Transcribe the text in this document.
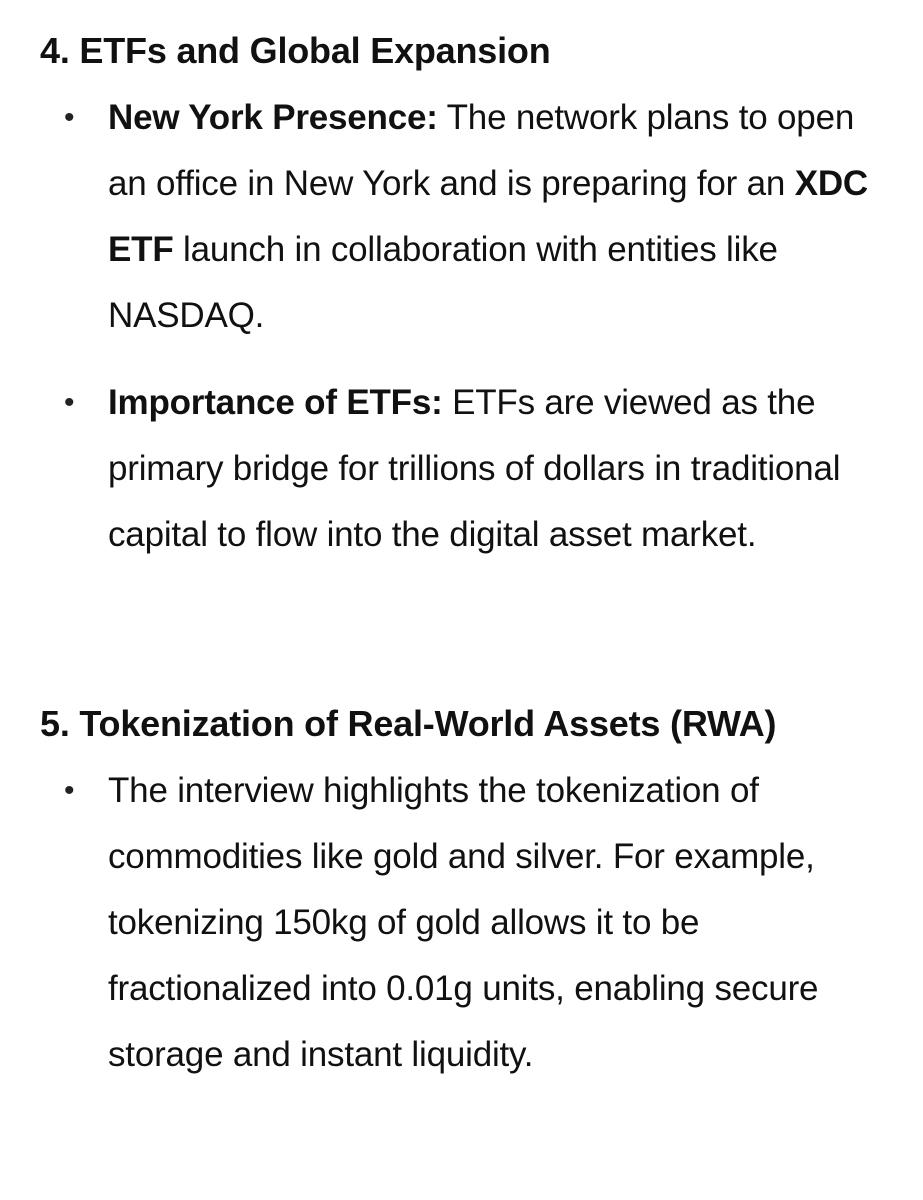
4. ETFs and Global Expansion
• New York Presence: The network plans to open an office in New York and is preparing for an XDC ETF launch in collaboration with entities like NASDAQ.
• Importance of ETFs: ETFs are viewed as the primary bridge for trillions of dollars in traditional capital to flow into the digital asset market.
5. Tokenization of Real-World Assets (RWA)
• The interview highlights the tokenization of commodities like gold and silver. For example, tokenizing 150kg of gold allows it to be fractionalized into 0.01g units, enabling secure storage and instant liquidity.
